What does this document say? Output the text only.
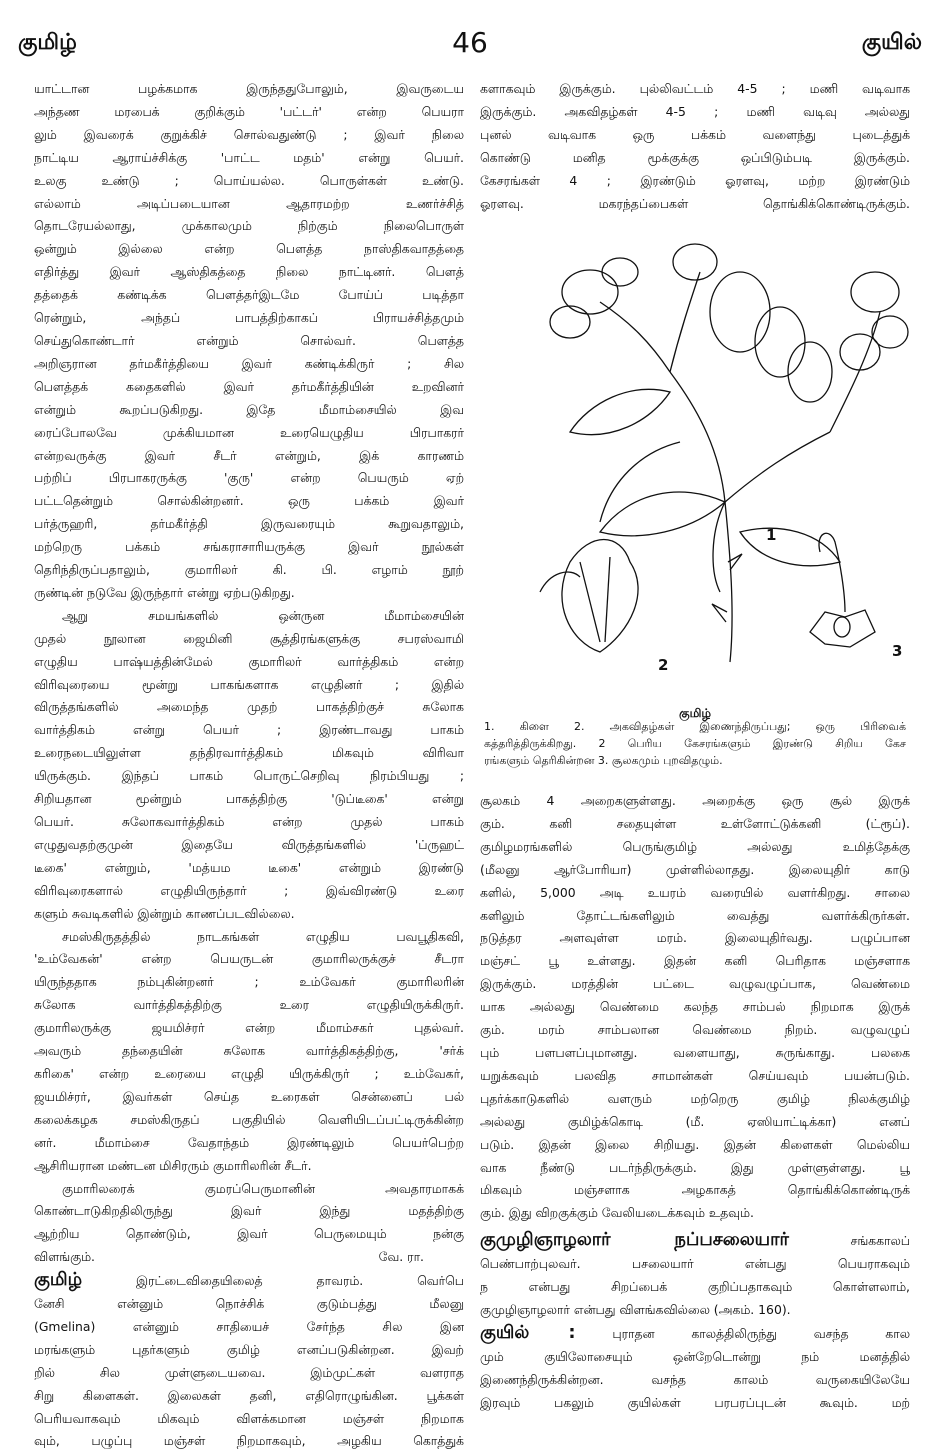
குமிழ்	46	குயில்
யாட்டான பழக்கமாக இருந்ததுபோலும், இவருடைய
அந்தண மரபைக் குறிக்கும் 'பட்டர்' என்ற பெயரா
லும் இவரைக் குறுக்கிச் சொல்வதுண்டு ; இவர் நிலை
நாட்டிய ஆராய்ச்சிக்கு 'பாட்ட மதம்' என்று பெயர்.
உலகு உண்டு ; பொய்யல்ல. பொருள்கள் உண்டு.
எல்லாம் அடிப்படையான ஆதாரமற்ற உணர்ச்சித்
தொடரேயல்லாது, முக்காலமும் நிற்கும் நிலைபொருள்
ஒன்றும் இல்லை என்ற பௌத்த நாஸ்திகவாதத்தை
எதிர்த்து இவர் ஆஸ்திகத்தை நிலை நாட்டினர். பௌத்
தத்தைக் கண்டிக்க பௌத்தர்இடமே போய்ப் படித்தா
ரென்றும், அந்தப் பாபத்திற்காகப் பிராயச்சித்தமும்
செய்துகொண்டார் என்றும் சொல்வர். பௌத்த
அறிஞரான தர்மகீர்த்தியை இவர் கண்டிக்கிருர் ; சில
பௌத்தக் கதைகளில் இவர் தர்மகீர்த்தியின் உறவினர்
என்றும் கூறப்படுகிறது. இதே மீமாம்சையில் இவ
ரைப்போலவே முக்கியமான உரையெழுதிய பிரபாகரர்
என்றவருக்கு இவர் சீடர் என்றும், இக் காரணம்
பற்றிப் பிரபாகரருக்கு 'குரு' என்ற பெயரும் ஏற்
பட்டதென்றும் சொல்கின்றனர். ஒரு பக்கம் இவர்
பர்த்ருஹரி, தர்மகீர்த்தி இருவரையும் கூறுவதாலும்,
மற்றெரு பக்கம் சங்கராசாரியருக்கு இவர் நூல்கள்
தெரிந்திருப்பதாலும், குமாரிலர் கி. பி. எழாம் நூற்
ருண்டின் நடுவே இருந்தார் என்று ஏற்படுகிறது.
ஆறு சமயங்களில் ஒன்ருன மீமாம்சையின்
முதல் நூலான ஜைமினி சூத்திரங்களுக்கு சபரஸ்வாமி
எழுதிய பாஷ்யத்தின்மேல் குமாரிலர் வார்த்திகம் என்ற
விரிவுரையை மூன்று பாகங்களாக எழுதினர் ; இதில்
விருத்தங்களில் அமைந்த முதற் பாகத்திற்குச் சுலோக
வார்த்திகம் என்று பெயர் ; இரண்டாவது பாகம்
உரைநடையிலுள்ள தந்திரவார்த்திகம் மிகவும் விரிவா
யிருக்கும். இந்தப் பாகம் பொருட்செறிவு நிரம்பியது ;
சிறியதான மூன்றும் பாகத்திற்கு 'டுப்டீகை' என்று
பெயர். சுலோகவார்த்திகம் என்ற முதல் பாகம்
எழுதுவதற்குமுன் இதையே விருத்தங்களில் 'ப்ருஹட்
டீகை' என்றும், 'மத்யம டீகை' என்றும் இரண்டு
விரிவுரைகளால் எழுதியிருந்தார் ; இவ்விரண்டு உரை
களும் சுவடிகளில் இன்றும் காணப்படவில்லை.
சமஸ்கிருதத்தில் நாடகங்கள் எழுதிய பவபூதிகவி,
'உம்வேகன்' என்ற பெயருடன் குமாரிலருக்குச் சீடரா
யிருந்ததாக நம்புகின்றனர் ; உம்வேகர் குமாரிலரின்
சுலோக வார்த்திகத்திற்கு உரை எழுதியிருக்கிருர்.
குமாரிலருக்கு ஜயமிச்ரர் என்ற மீமாம்சகர் புதல்வர்.
அவரும் தந்தையின் சுலோக வார்த்திகத்திற்கு, 'சர்க்
கரிகை' என்ற உரையை எழுதி யிருக்கிருர் ; உம்வேகர்,
ஜயமிச்ரர், இவர்கள் செய்த உரைகள் சென்னைப் பல்
கலைக்கழக சமஸ்கிருதப் பகுதியில் வெளியிடப்பட்டிருக்கின்ற
னர். மீமாம்சை வேதாந்தம் இரண்டிலும் பெயர்பெற்ற
ஆசிரியரான மண்டன மிசிரரும் குமாரிலரின் சீடர்.
குமாரிலரைக் குமரப்பெருமானின் அவதாரமாகக்
கொண்டாடுகிறதிலிருந்து இவர் இந்து மதத்திற்கு
ஆற்றிய தொண்டும், இவர் பெருமையும் நன்கு
விளங்கும்.	வே. ரா.
குமிழ்	இரட்டைவிதையிலைத் தாவரம். வெர்பெ
னேசி என்னும் நொச்சிக் குடும்பத்து மீலனு
(Gmelina) என்னும் சாதியைச் சேர்ந்த சில இன
மரங்களும் புதர்களும் குமிழ் எனப்படுகின்றன. இவற்
றில் சில முள்ளுடையவை. இம்முட்கள் வளராத
சிறு கிளைகள். இலைகள் தனி, எதிரொழுங்கின. பூக்கள்
பெரியவாகவும் மிகவும் விளக்கமான மஞ்சள் நிறமாக
வும், பழுப்பு மஞ்சள் நிறமாகவும், அழகிய கொத்துக்
களாகவும் இருக்கும். புல்லிவட்டம் 4-5 ; மணி வடிவாக
இருக்கும். அகவிதழ்கள் 4-5 ; மணி வடிவு அல்லது
புனல் வடிவாக ஒரு பக்கம் வளைந்து புடைத்துக்
கொண்டு மனித மூக்குக்கு ஒப்பிடும்படி இருக்கும்.
கேசரங்கள் 4 ; இரண்டும் ஓரளவு, மற்ற இரண்டும்
ஓரளவு. மகரந்தப்பைகள் தொங்கிக்கொண்டிருக்கும்.
1
2
3
குமிழ்
1. கிளை 2. அகவிதழ்கள் இணைந்திருப்பது; ஒரு பிரிவைக்
கத்தரித்திருக்கிறது. 2 பெரிய கேசரங்களும் இரண்டு சிறிய கேச
ரங்களும் தெரிகின்றன 3. சூலகமும் புறவிதழும்.
சூலகம் 4 அறைகளுள்ளது. அறைக்கு ஒரு சூல் இருக்
கும். கனி சதையுள்ள உள்ளோட்டுக்கனி (ட்ரூப்).
குமிழமரங்களில் பெருங்குமிழ் அல்லது உமித்தேக்கு
(மீலனு ஆர்போரியா) முள்ளில்லாதது. இலையுதிர் காடு
களில், 5,000 அடி உயரம் வரையில் வளர்கிறது. சாலை
களிலும் தோட்டங்களிலும் வைத்து வளர்க்கிருர்கள்.
நடுத்தர அளவுள்ள மரம். இலையுதிர்வது. பழுப்பான
மஞ்சட் பூ உள்ளது. இதன் கனி பெரிதாக மஞ்சளாக
இருக்கும். மரத்தின் பட்டை வழுவழுப்பாக, வெண்மை
யாக அல்லது வெண்மை கலந்த சாம்பல் நிறமாக இருக்
கும். மரம் சாம்பலான வெண்மை நிறம். வழுவழுப்
பும் பளபளப்புமானது. வளையாது, சுருங்காது. பலகை
யறுக்கவும் பலவித சாமான்கள் செய்யவும் பயன்படும்.
புதர்க்காடுகளில் வளரும் மற்றெரு குமிழ் நிலக்குமிழ்
அல்லது குமிழ்க்கொடி (மீ. ஏஸியாட்டிக்கா) எனப்
படும். இதன் இலை சிறியது. இதன் கிளைகள் மெல்லிய
வாக நீண்டு படர்ந்திருக்கும். இது முள்ளுள்ளது. பூ
மிகவும் மஞ்சளாக அழகாகத் தொங்கிக்கொண்டிருக்
கும். இது விறகுக்கும் வேலியடைக்கவும் உதவும்.
குமுழிஞாழலார் நப்பசலையார்	சங்ககாலப்
பெண்பாற்புலவர். பசலையார் என்பது பெயராகவும்
ந என்பது சிறப்பைக் குறிப்பதாகவும் கொள்ளலாம்,
குமுழிஞாழலார் என்பது விளங்கவில்லை (அகம். 160).
குயில் :	புராதன காலத்திலிருந்து வசந்த கால
மும் குயிலோசையும் ஒன்றேடொன்று நம் மனத்தில்
இணைந்திருக்கின்றன. வசந்த காலம் வருகையிலேயே
இரவும் பகலும் குயில்கள் பரபரப்புடன் கூவும். மற்
